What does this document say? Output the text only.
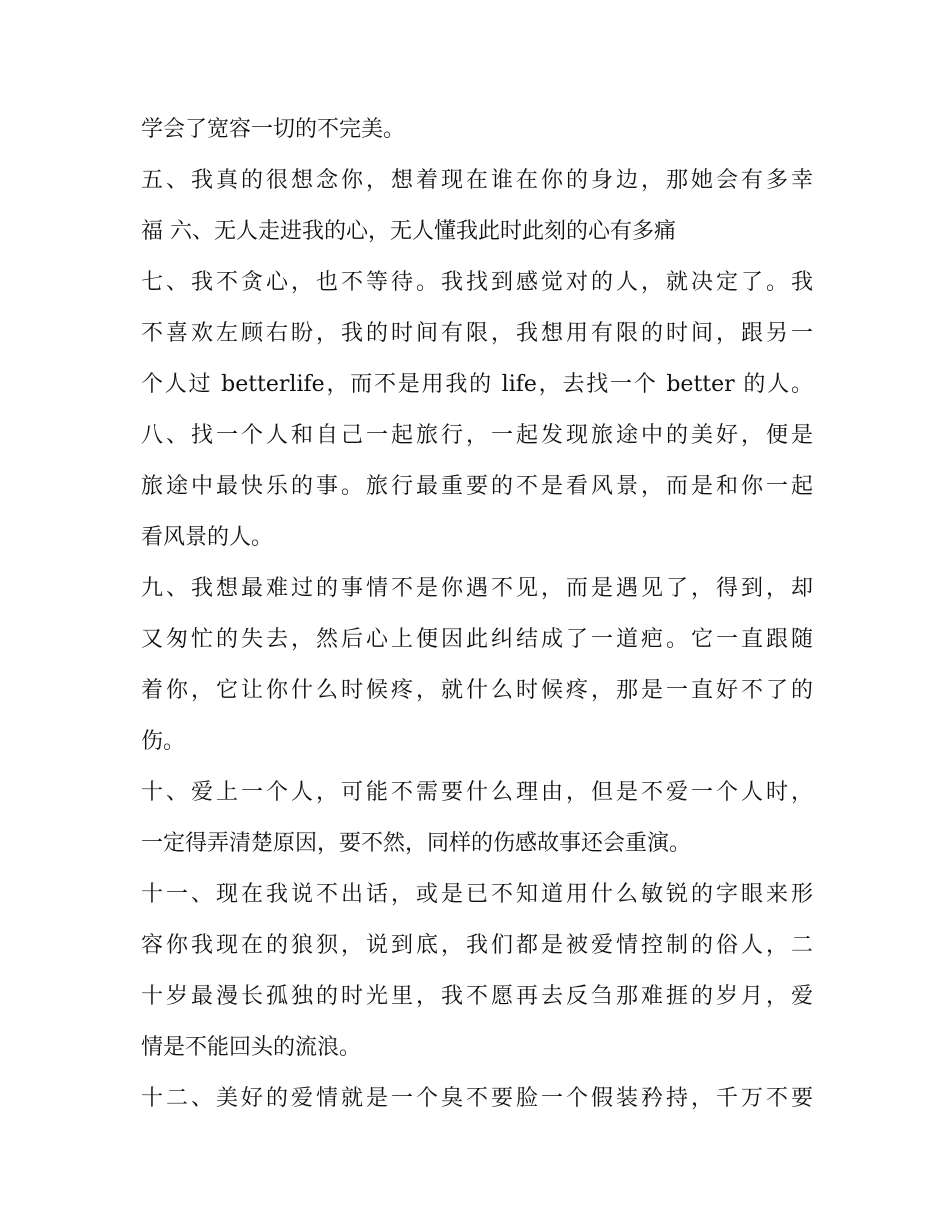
学会了宽容一切的不完美。
五、我真的很想念你，想着现在谁在你的身边，那她会有多幸
福 六、无人走进我的心，无人懂我此时此刻的心有多痛
七、我不贪心，也不等待。我找到感觉对的人，就决定了。我
不喜欢左顾右盼，我的时间有限，我想用有限的时间，跟另一
个人过 betterlife，而不是用我的 life，去找一个 better 的人。
八、找一个人和自己一起旅行，一起发现旅途中的美好，便是
旅途中最快乐的事。旅行最重要的不是看风景，而是和你一起
看风景的人。
九、我想最难过的事情不是你遇不见，而是遇见了，得到，却
又匆忙的失去，然后心上便因此纠结成了一道疤。它一直跟随
着你，它让你什么时候疼，就什么时候疼，那是一直好不了的
伤。
十、爱上一个人，可能不需要什么理由，但是不爱一个人时，
一定得弄清楚原因，要不然，同样的伤感故事还会重演。
十一、现在我说不出话，或是已不知道用什么敏锐的字眼来形
容你我现在的狼狈，说到底，我们都是被爱情控制的俗人，二
十岁最漫长孤独的时光里，我不愿再去反刍那难捱的岁月，爱
情是不能回头的流浪。
十二、美好的爱情就是一个臭不要脸一个假装矜持，千万不要
